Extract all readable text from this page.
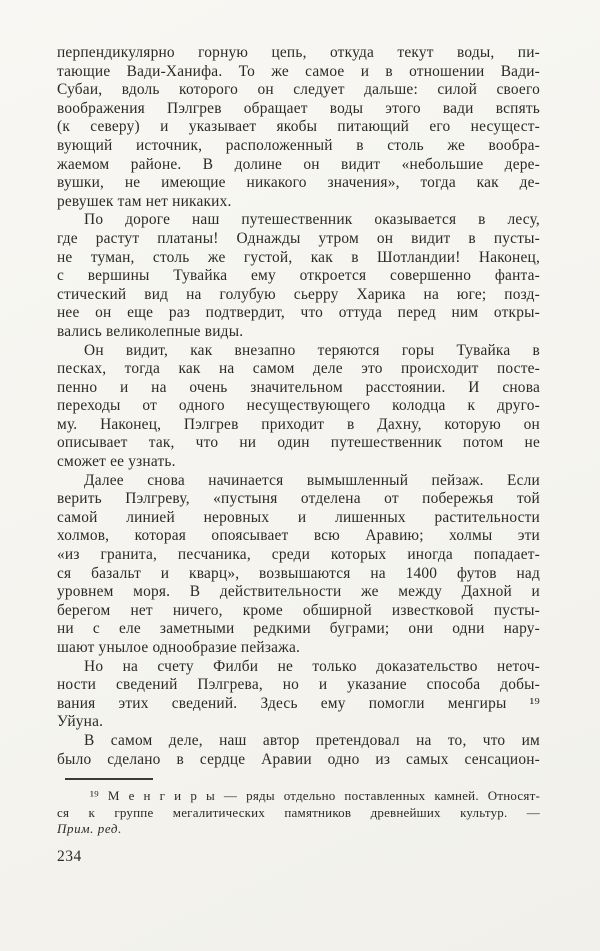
перпендикулярно горную цепь, откуда текут воды, пи-
тающие Вади-Ханифа. То же самое и в отношении Вади-
Субаи, вдоль которого он следует дальше: силой своего
воображения Пэлгрев обращает воды этого вади вспять
(к северу) и указывает якобы питающий его несущест-
вующий источник, расположенный в столь же вообра-
жаемом районе. В долине он видит «небольшие дере-
вушки, не имеющие никакого значения», тогда как де-
ревушек там нет никаких.
По дороге наш путешественник оказывается в лесу,
где растут платаны! Однажды утром он видит в пусты-
не туман, столь же густой, как в Шотландии! Наконец,
с вершины Тувайка ему откроется совершенно фанта-
стический вид на голубую сьерру Харика на юге; позд-
нее он еще раз подтвердит, что оттуда перед ним откры-
вались великолепные виды.
Он видит, как внезапно теряются горы Тувайка в
песках, тогда как на самом деле это происходит посте-
пенно и на очень значительном расстоянии. И снова
переходы от одного несуществующего колодца к друго-
му. Наконец, Пэлгрев приходит в Дахну, которую он
описывает так, что ни один путешественник потом не
сможет ее узнать.
Далее снова начинается вымышленный пейзаж. Если
верить Пэлгреву, «пустыня отделена от побережья той
самой линией неровных и лишенных растительности
холмов, которая опоясывает всю Аравию; холмы эти
«из гранита, песчаника, среди которых иногда попадает-
ся базальт и кварц», возвышаются на 1400 футов над
уровнем моря. В действительности же между Дахной и
берегом нет ничего, кроме обширной известковой пусты-
ни с еле заметными редкими буграми; они одни нару-
шают унылое однообразие пейзажа.
Но на счету Филби не только доказательство неточ-
ности сведений Пэлгрева, но и указание способа добы-
вания этих сведений. Здесь ему помогли менгиры ¹⁹
Уйуна.
В самом деле, наш автор претендовал на то, что им
было сделано в сердце Аравии одно из самых сенсацион-
¹⁹ М е н г и р ы — ряды отдельно поставленных камней. Относят-
ся к группе мегалитических памятников древнейших культур. —
Прим. ред.
234
